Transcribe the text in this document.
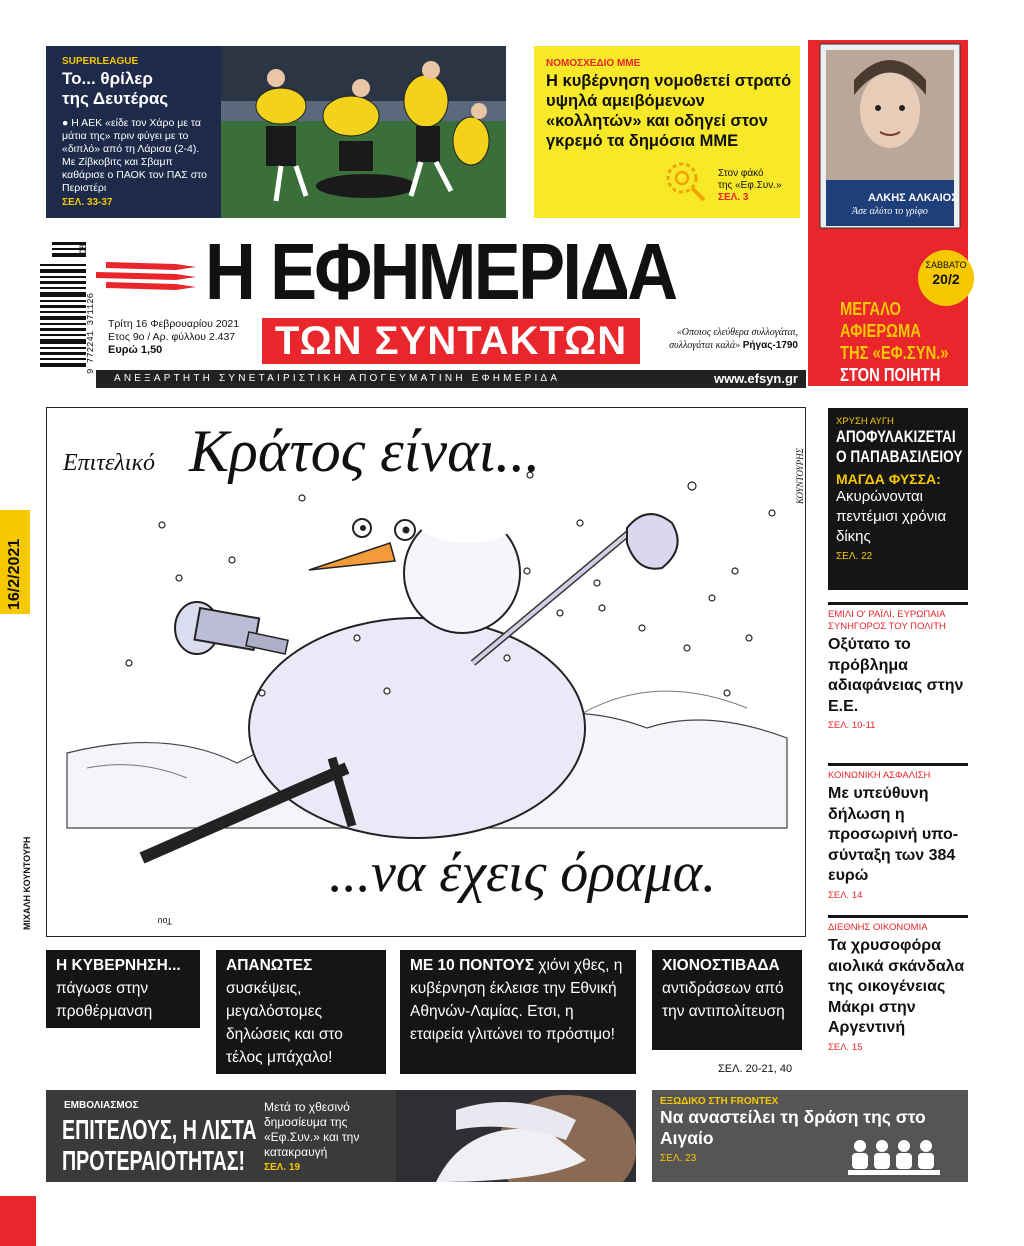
SUPERLEAGUE
Το... θρίλερ
της Δευτέρας
● Η ΑΕΚ «είδε τον Χάρο με τα μάτια της» πριν φύγει με το «διπλό» από τη Λάρισα (2-4). Με Ζίβκοβιτς και Σβαμπ καθάρισε ο ΠΑΟΚ τον ΠΑΣ στο Περιστέρι
ΣΕΛ. 33-37
ΝΟΜΟΣΧΕΔΙΟ ΜΜΕ
Η κυβέρνηση νομοθετεί στρατό υψηλά αμειβόμενων «κολλητών» και οδηγεί στον γκρεμό τα δημόσια ΜΜΕ
Στον φάκό
της «Εφ.Συν.»
ΣΕΛ. 3	ΑΛΚΗΣ ΑΛΚΑΙΟΣ
Άσε αλύτο το γρίφο
ΣΑΒΒΑΤΟ
20/2
ΜΕΓΑΛΟ
ΑΦΙΕΡΩΜΑ
ΤΗΣ «ΕΦ.ΣΥΝ.»
ΣΤΟΝ ΠΟΙΗΤΗ
ΑΛΚΗ ΑΛΚΑΙΟ
9 772241 371126
08 Η ΕΦΗΜΕΡΙΔΑ
Τρίτη 16 Φεβρουαρίου 2021
Ετος 9ο / Αρ. φύλλου 2.437
Ευρώ 1,50	ΤΩΝ ΣΥΝΤΑΚΤΩΝ	«Οποιος ελεύθερα συλλογάται,
συλλογάται καλά» Ρήγας-1790
ΑΝΕΞΑΡΤΗΤΗ ΣΥΝΕΤΑΙΡΙΣΤΙΚΗ ΑΠΟΓΕΥΜΑΤΙΝΗ ΕΦΗΜΕΡΙΔΑ	www.efsyn.gr
16/2/2021
Επιτελικό Κράτος είναι...
...να έχεις όραμα.
ΚΟΥΝΤΟΥΡΗΣ
Του
ΜΙΧΑΛΗ ΚΟΥΝΤΟΥΡΗ
Η ΚΥΒΕΡΝΗΣΗ... πάγωσε στην προθέρμανση
ΑΠΑΝΩΤΕΣ συσκέψεις, μεγαλόστομες δηλώσεις και στο τέλος μπάχαλο!
ΜΕ 10 ΠΟΝΤΟΥΣ χιόνι χθες, η κυβέρνηση έκλεισε την Εθνική Αθηνών-Λαμίας. Ετσι, η εταιρεία γλιτώνει το πρόστιμο!
ΧΙΟΝΟΣΤΙΒΑΔΑ αντιδράσεων από την αντιπολίτευση
ΣΕΛ. 20-21, 40
ΧΡΥΣΗ ΑΥΓΗ
ΑΠΟΦΥΛΑΚΙΖΕΤΑΙ
Ο ΠΑΠΑΒΑΣΙΛΕΙΟΥ
ΜΑΓΔΑ ΦΥΣΣΑ:
Ακυρώνονται πεντέμισι χρόνια δίκης
ΣΕΛ. 22
ΕΜΙΛΙ Ο' ΡΑΪΛΙ, ΕΥΡΩΠΑΙΑ ΣΥΝΗΓΟΡΟΣ ΤΟΥ ΠΟΛΙΤΗ
Οξύτατο το πρόβλημα αδιαφάνειας στην Ε.Ε.
ΣΕΛ. 10-11
ΚΟΙΝΩΝΙΚΗ ΑΣΦΑΛΙΣΗ
Με υπεύθυνη δήλωση η προσωρινή υπο-σύνταξη των 384 ευρώ
ΣΕΛ. 14
ΔΙΕΘΝΗΣ ΟΙΚΟΝΟΜΙΑ
Τα χρυσοφόρα αιολικά σκάνδαλα της οικογένειας Μάκρι στην Αργεντινή
ΣΕΛ. 15
ΕΜΒΟΛΙΑΣΜΟΣ
ΕΠΙΤΕΛΟΥΣ, Η ΛΙΣΤΑ
ΠΡΟΤΕΡΑΙΟΤΗΤΑΣ!
Μετά το χθεσινό δημοσίευμα της «Εφ.Συν.» και την κατακραυγή
ΣΕΛ. 19
ΕΞΩΔΙΚΟ ΣΤΗ FRONTEX
Να αναστείλει τη δράση της στο Αιγαίο
ΣΕΛ. 23
